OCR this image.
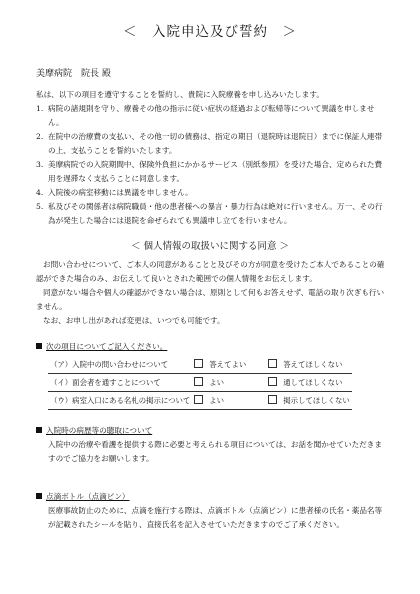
＜　入院申込及び誓約　＞
美摩病院　院長 殿
私は、以下の項目を遵守することを誓約し、貴院に入院療養を申し込みいたします。
1. 病院の諸規則を守り、療養その他の指示に従い症状の経過および転帰等について異議を申しません。
2. 在院中の治療費の支払い、その他一切の債務は、指定の期日（退院時は退院日）までに保証人連帯の上、支払うことを誓約いたします。
3. 美摩病院での入院期間中、保険外負担にかかるサービス（別紙参照）を受けた場合、定められた費用を遅滞なく支払うことに同意します。
4. 入院後の病室移動には異議を申しません。
5. 私及びその関係者は病院職員・他の患者様への暴言・暴力行為は絶対に行いません。万一、その行為が発生した場合には退院を命ぜられても異議申し立てを行いません。
＜ 個人情報の取扱いに関する同意 ＞
お問い合わせについて、ご本人の同意があることと及びその方が同意を受けたご本人であることの確認ができた場合のみ、お伝えして良いとされた範囲での個人情報をお伝えします。
同意がない場合や個人の確認ができない場合は、原則として何もお答えせず、電話の取り次ぎも行いません。
なお、お申し出があれば変更は、いつでも可能です。
次の項目についてご記入ください。
（ア）入院中の問い合わせについて	答えてよい	答えてほしくない
（イ）面会者を通すことについて	よい	通してほしくない
（ウ）病室入口にある名札の掲示について	よい	掲示してほしくない
入院時の病歴等の聴取について
入院中の治療や看護を提供する際に必要と考えられる項目については、お話を聞かせていただきますのでご協力をお願いします。
点滴ボトル（点滴ビン）
医療事故防止のために、点滴を施行する際は、点滴ボトル（点滴ビン）に患者様の氏名・薬品名等が記載されたシールを貼り、直接氏名を記入させていただきますのでご了承ください。
